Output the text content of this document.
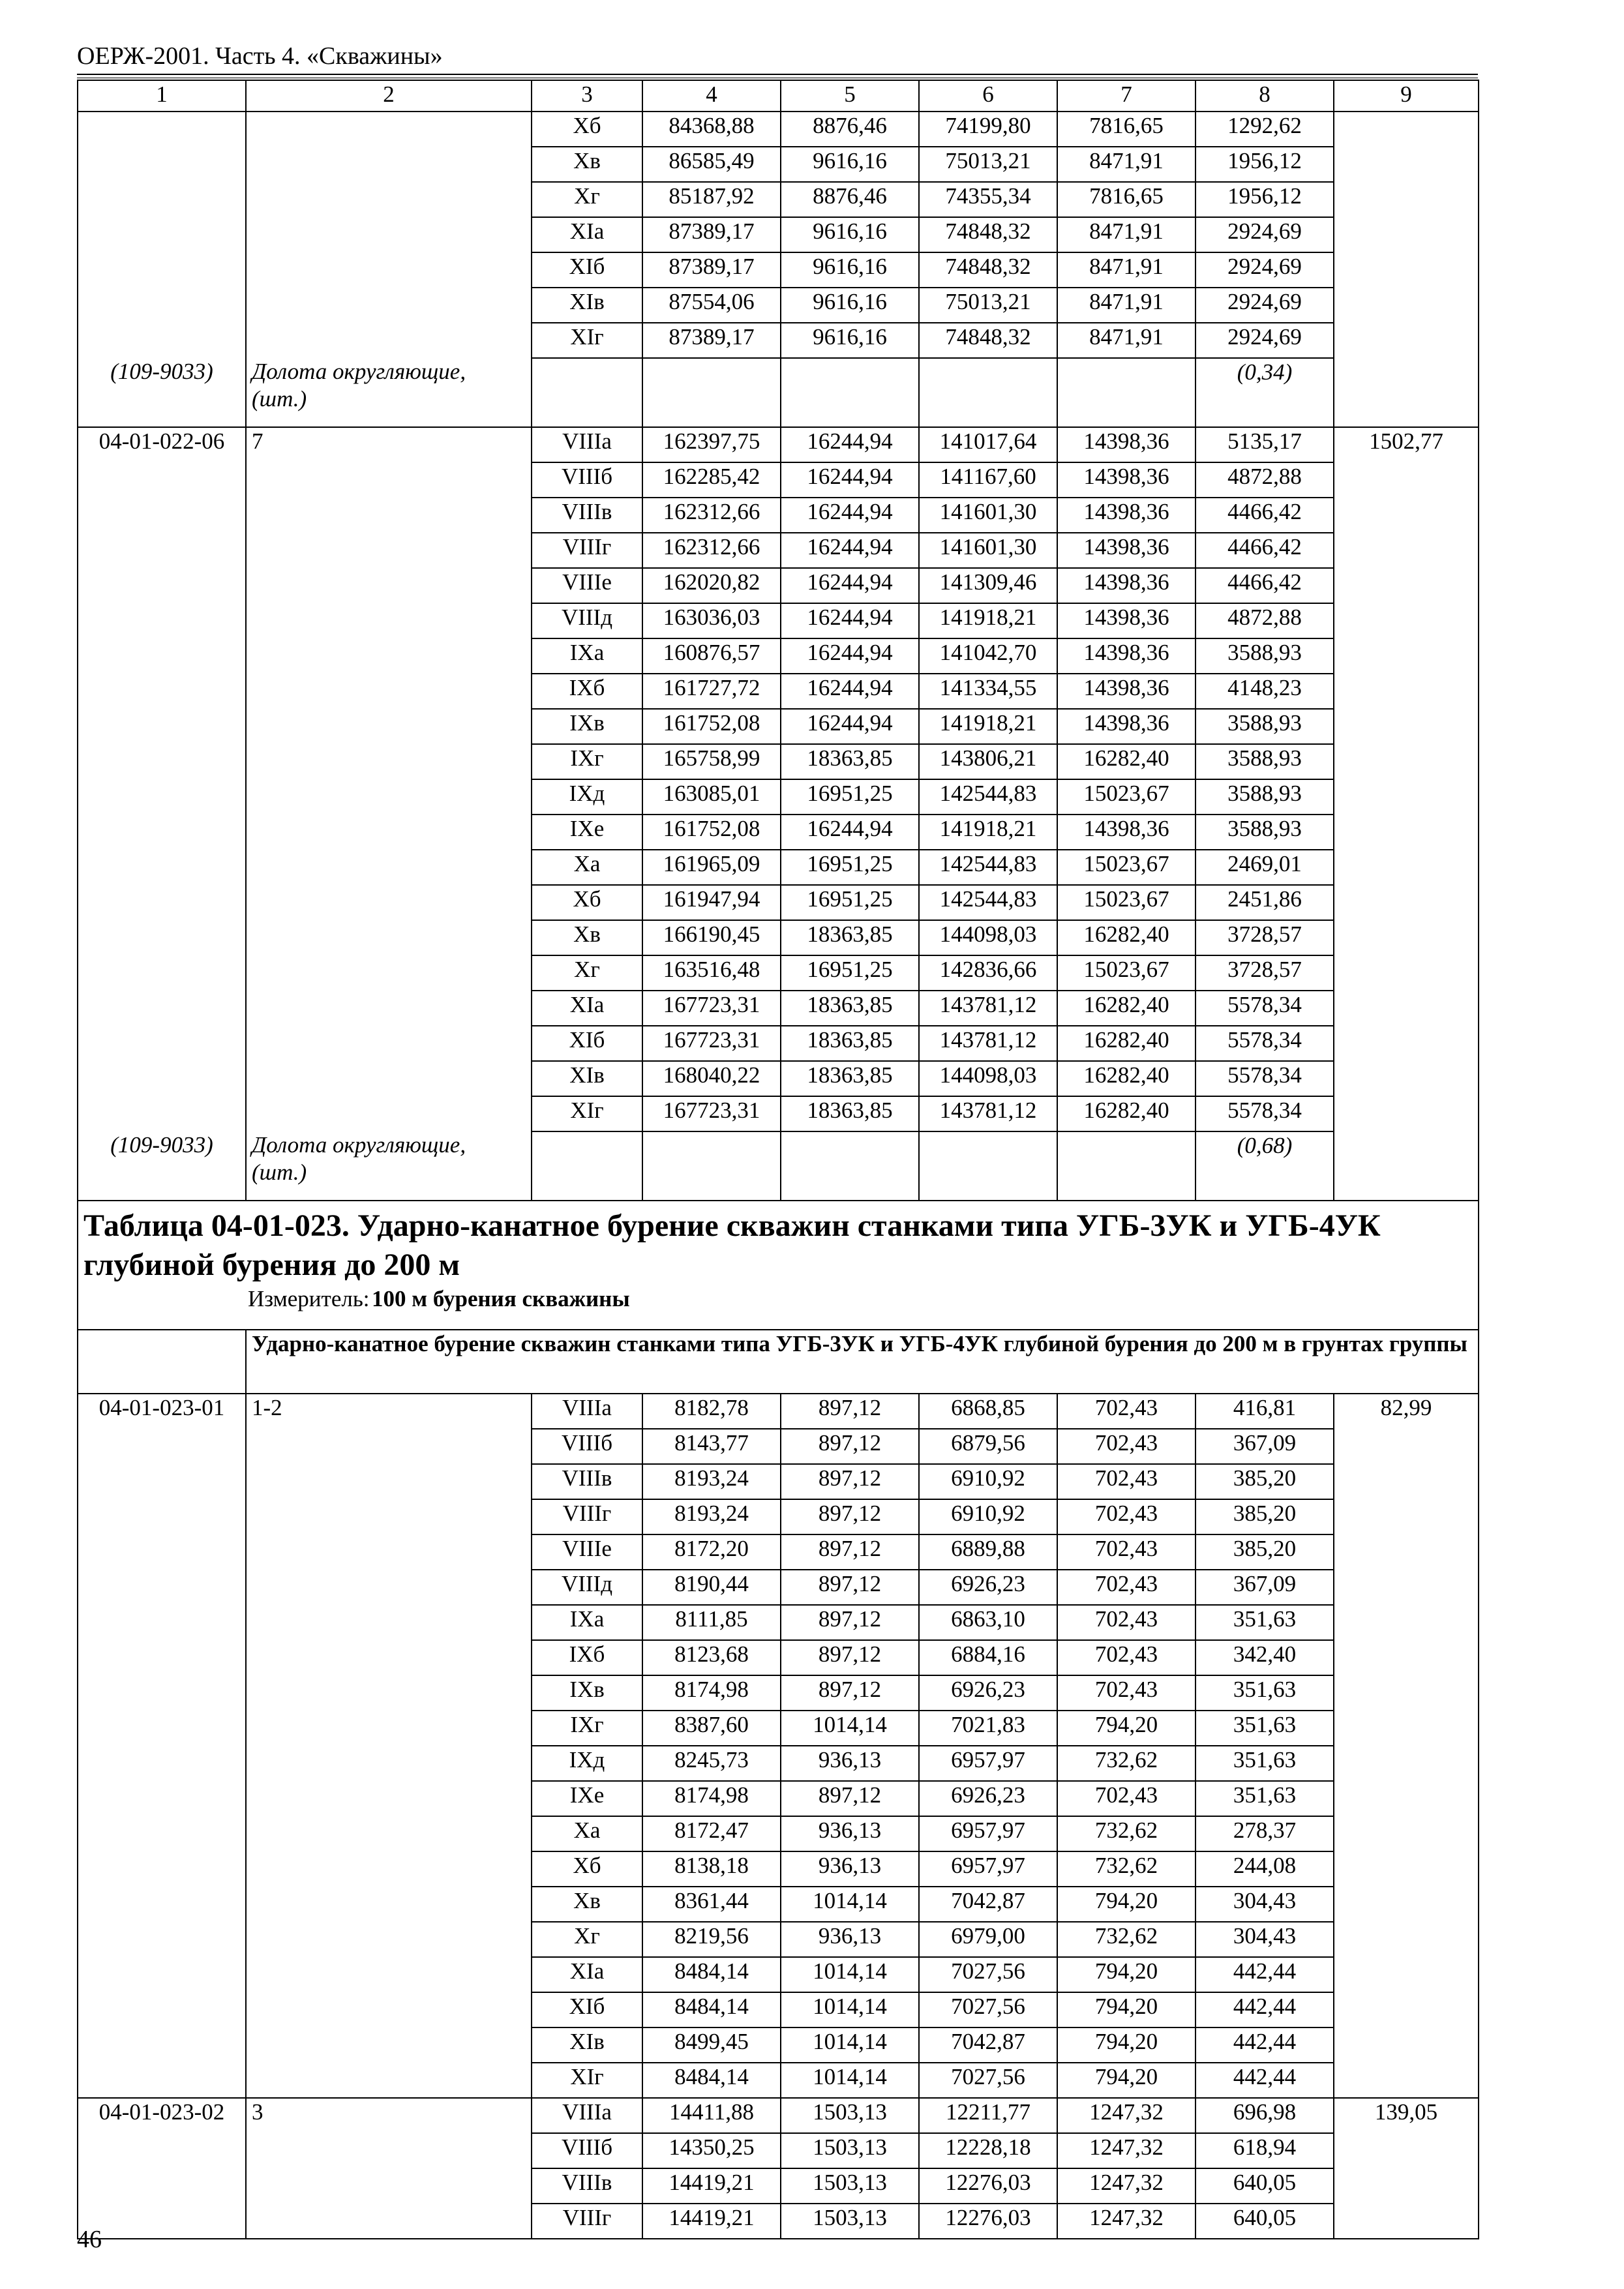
ОЕРЖ-2001. Часть 4. «Скважины»
1	2	3	4	5	6	7	8	9
		Хб	84368,88	8876,46	74199,80	7816,65	1292,62	
		Хв	86585,49	9616,16	75013,21	8471,91	1956,12	
		Хг	85187,92	8876,46	74355,34	7816,65	1956,12	
		XIа	87389,17	9616,16	74848,32	8471,91	2924,69	
		XIб	87389,17	9616,16	74848,32	8471,91	2924,69	
		XIв	87554,06	9616,16	75013,21	8471,91	2924,69	
		XIг	87389,17	9616,16	74848,32	8471,91	2924,69	
(109-9033)	Долота округляющие, (шт.)						(0,34)	
04-01-022-06	7	VIIIа	162397,75	16244,94	141017,64	14398,36	5135,17	1502,77
		VIIIб	162285,42	16244,94	141167,60	14398,36	4872,88	
		VIIIв	162312,66	16244,94	141601,30	14398,36	4466,42	
		VIIIг	162312,66	16244,94	141601,30	14398,36	4466,42	
		VIIIе	162020,82	16244,94	141309,46	14398,36	4466,42	
		VIIIд	163036,03	16244,94	141918,21	14398,36	4872,88	
		IXа	160876,57	16244,94	141042,70	14398,36	3588,93	
		IXб	161727,72	16244,94	141334,55	14398,36	4148,23	
		IXв	161752,08	16244,94	141918,21	14398,36	3588,93	
		IXг	165758,99	18363,85	143806,21	16282,40	3588,93	
		IXд	163085,01	16951,25	142544,83	15023,67	3588,93	
		IXе	161752,08	16244,94	141918,21	14398,36	3588,93	
		Ха	161965,09	16951,25	142544,83	15023,67	2469,01	
		Хб	161947,94	16951,25	142544,83	15023,67	2451,86	
		Хв	166190,45	18363,85	144098,03	16282,40	3728,57	
		Хг	163516,48	16951,25	142836,66	15023,67	3728,57	
		XIа	167723,31	18363,85	143781,12	16282,40	5578,34	
		XIб	167723,31	18363,85	143781,12	16282,40	5578,34	
		XIв	168040,22	18363,85	144098,03	16282,40	5578,34	
		XIг	167723,31	18363,85	143781,12	16282,40	5578,34	
(109-9033)	Долота округляющие, (шт.)						(0,68)	

Таблица 04-01-023. Ударно-канатное бурение скважин станками типа УГБ-3УК и УГБ-4УК глубиной бурения до 200 м
Измеритель:100 м бурения скважины								

	Ударно-канатное бурение скважин станками типа УГБ-3УК и УГБ-4УК глубиной бурения до 200 м в грунтах группы							
04-01-023-01	1-2	VIIIа	8182,78	897,12	6868,85	702,43	416,81	82,99
		VIIIб	8143,77	897,12	6879,56	702,43	367,09	
		VIIIв	8193,24	897,12	6910,92	702,43	385,20	
		VIIIг	8193,24	897,12	6910,92	702,43	385,20	
		VIIIе	8172,20	897,12	6889,88	702,43	385,20	
		VIIIд	8190,44	897,12	6926,23	702,43	367,09	
		IXа	8111,85	897,12	6863,10	702,43	351,63	
		IXб	8123,68	897,12	6884,16	702,43	342,40	
		IXв	8174,98	897,12	6926,23	702,43	351,63	
		IXг	8387,60	1014,14	7021,83	794,20	351,63	
		IXд	8245,73	936,13	6957,97	732,62	351,63	
		IXе	8174,98	897,12	6926,23	702,43	351,63	
		Ха	8172,47	936,13	6957,97	732,62	278,37	
		Хб	8138,18	936,13	6957,97	732,62	244,08	
		Хв	8361,44	1014,14	7042,87	794,20	304,43	
		Хг	8219,56	936,13	6979,00	732,62	304,43	
		XIа	8484,14	1014,14	7027,56	794,20	442,44	
		XIб	8484,14	1014,14	7027,56	794,20	442,44	
		XIв	8499,45	1014,14	7042,87	794,20	442,44	
		XIг	8484,14	1014,14	7027,56	794,20	442,44	
04-01-023-02	3	VIIIа	14411,88	1503,13	12211,77	1247,32	696,98	139,05
		VIIIб	14350,25	1503,13	12228,18	1247,32	618,94	
		VIIIв	14419,21	1503,13	12276,03	1247,32	640,05	
		VIIIг	14419,21	1503,13	12276,03	1247,32	640,05	
46
